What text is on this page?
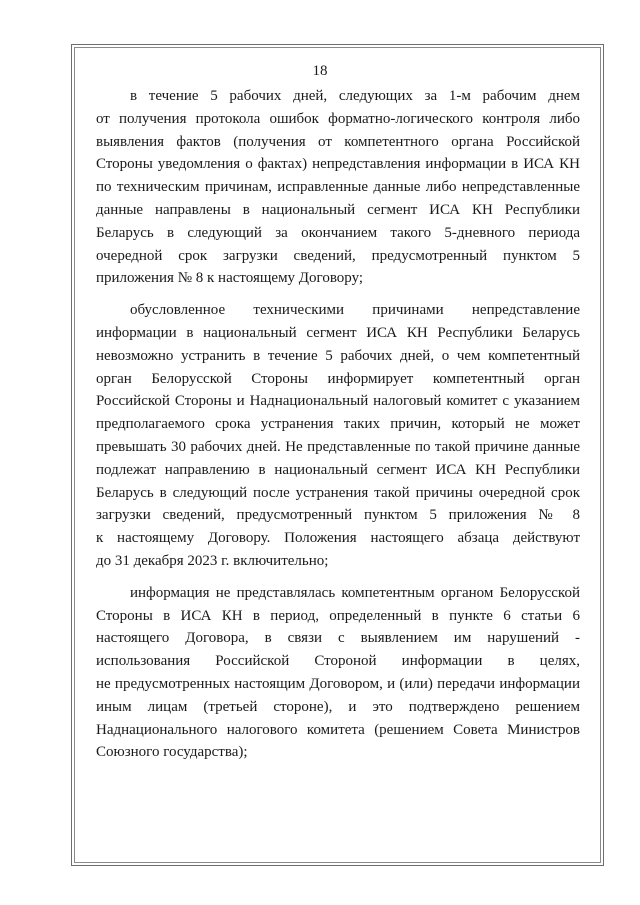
18

в течение 5 рабочих дней, следующих за 1-м рабочим днем
от получения протокола ошибок форматно-логического контроля либо
выявления фактов (получения от компетентного органа Российской
Стороны уведомления о фактах) непредставления информации в ИСА КН
по техническим причинам, исправленные данные либо непредставленные
данные направлены в национальный сегмент ИСА КН Республики
Беларусь в следующий за окончанием такого 5-дневного периода
очередной срок загрузки сведений, предусмотренный пунктом 5
приложения № 8 к настоящему Договору;

обусловленное техническими причинами непредставление
информации в национальный сегмент ИСА КН Республики Беларусь
невозможно устранить в течение 5 рабочих дней, о чем компетентный
орган Белорусской Стороны информирует компетентный орган
Российской Стороны и Наднациональный налоговый комитет с указанием
предполагаемого срока устранения таких причин, который не может
превышать 30 рабочих дней. Не представленные по такой причине данные
подлежат направлению в национальный сегмент ИСА КН Республики
Беларусь в следующий после устранения такой причины очередной срок
загрузки сведений, предусмотренный пунктом 5 приложения № 8
к настоящему Договору. Положения настоящего абзаца действуют
до 31 декабря 2023 г. включительно;

информация не представлялась компетентным органом Белорусской
Стороны в ИСА КН в период, определенный в пункте 6 статьи 6
настоящего Договора, в связи с выявлением им нарушений -
использования Российской Стороной информации в целях,
не предусмотренных настоящим Договором, и (или) передачи информации
иным лицам (третьей стороне), и это подтверждено решением
Наднационального налогового комитета (решением Совета Министров
Союзного государства);
